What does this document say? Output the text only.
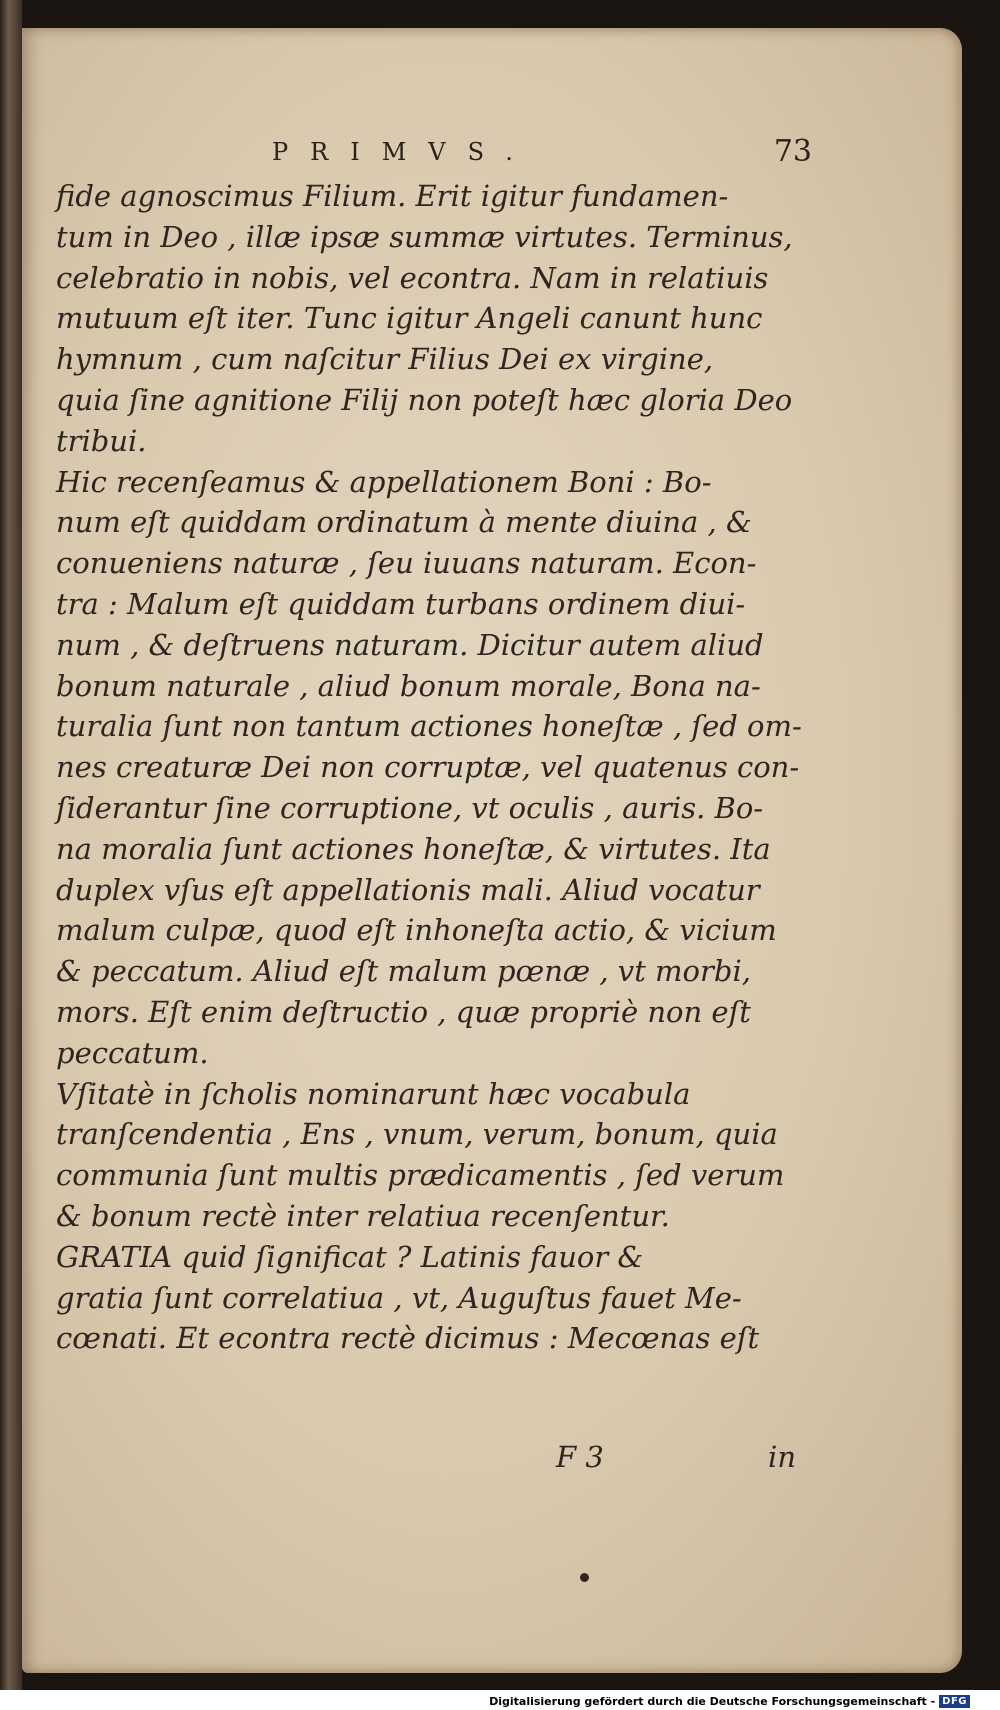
PRIMVS.	73
fide agnoscimus Filium. Erit igitur fundamen-
tum in Deo , illæ ipsæ summæ virtutes. Terminus,
celebratio in nobis, vel econtra. Nam in relatiuis
mutuum eſt iter. Tunc igitur Angeli canunt hunc
hymnum , cum naſcitur Filius Dei ex virgine,
quia ſine agnitione Filij non poteſt hæc gloria Deo
tribui.
Hic recenſeamus & appellationem Boni : Bo-
num eſt quiddam ordinatum à mente diuina , &
conueniens naturæ , ſeu iuuans naturam. Econ-
tra : Malum eſt quiddam turbans ordinem diui-
num , & deſtruens naturam. Dicitur autem aliud
bonum naturale , aliud bonum morale, Bona na-
turalia ſunt non tantum actiones honeſtæ , ſed om-
nes creaturæ Dei non corruptæ, vel quatenus con-
ſiderantur ſine corruptione, vt oculis , auris. Bo-
na moralia ſunt actiones honeſtæ, & virtutes. Ita
duplex vſus eſt appellationis mali. Aliud vocatur
malum culpæ, quod eſt inhoneſta actio, & vicium
& peccatum. Aliud eſt malum pœnæ , vt morbi,
mors. Eſt enim deſtructio , quæ propriè non eſt
peccatum.
Vſitatè in ſcholis nominarunt hæc vocabula
tranſcendentia , Ens , vnum, verum, bonum, quia
communia ſunt multis prædicamentis , ſed verum
& bonum rectè inter relatiua recenſentur.
GRATIA quid ſignificat ? Latinis fauor &
gratia ſunt correlatiua , vt, Auguſtus fauet Me-
cœnati. Et econtra rectè dicimus : Mecœnas eſt
F 3	in
Digitalisierung gefördert durch die Deutsche Forschungsgemeinschaft - DFG
